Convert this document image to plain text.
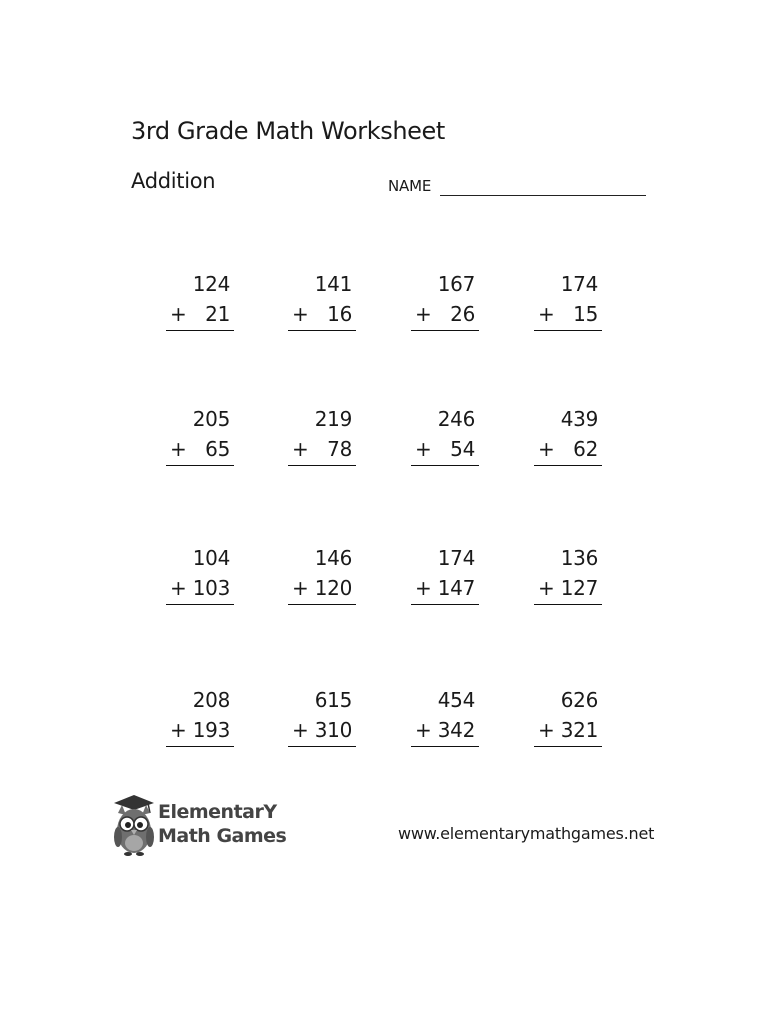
3rd Grade Math Worksheet
Addition	NAME
124
+ 21
141
+ 16
167
+ 26
174
+ 15
205
+ 65
219
+ 78
246
+ 54
439
+ 62
104
+ 103
146
+ 120
174
+ 147
136
+ 127
208
+ 193
615
+ 310
454
+ 342
626
+ 321
ElementarY
Math Games	www.elementarymathgames.net
